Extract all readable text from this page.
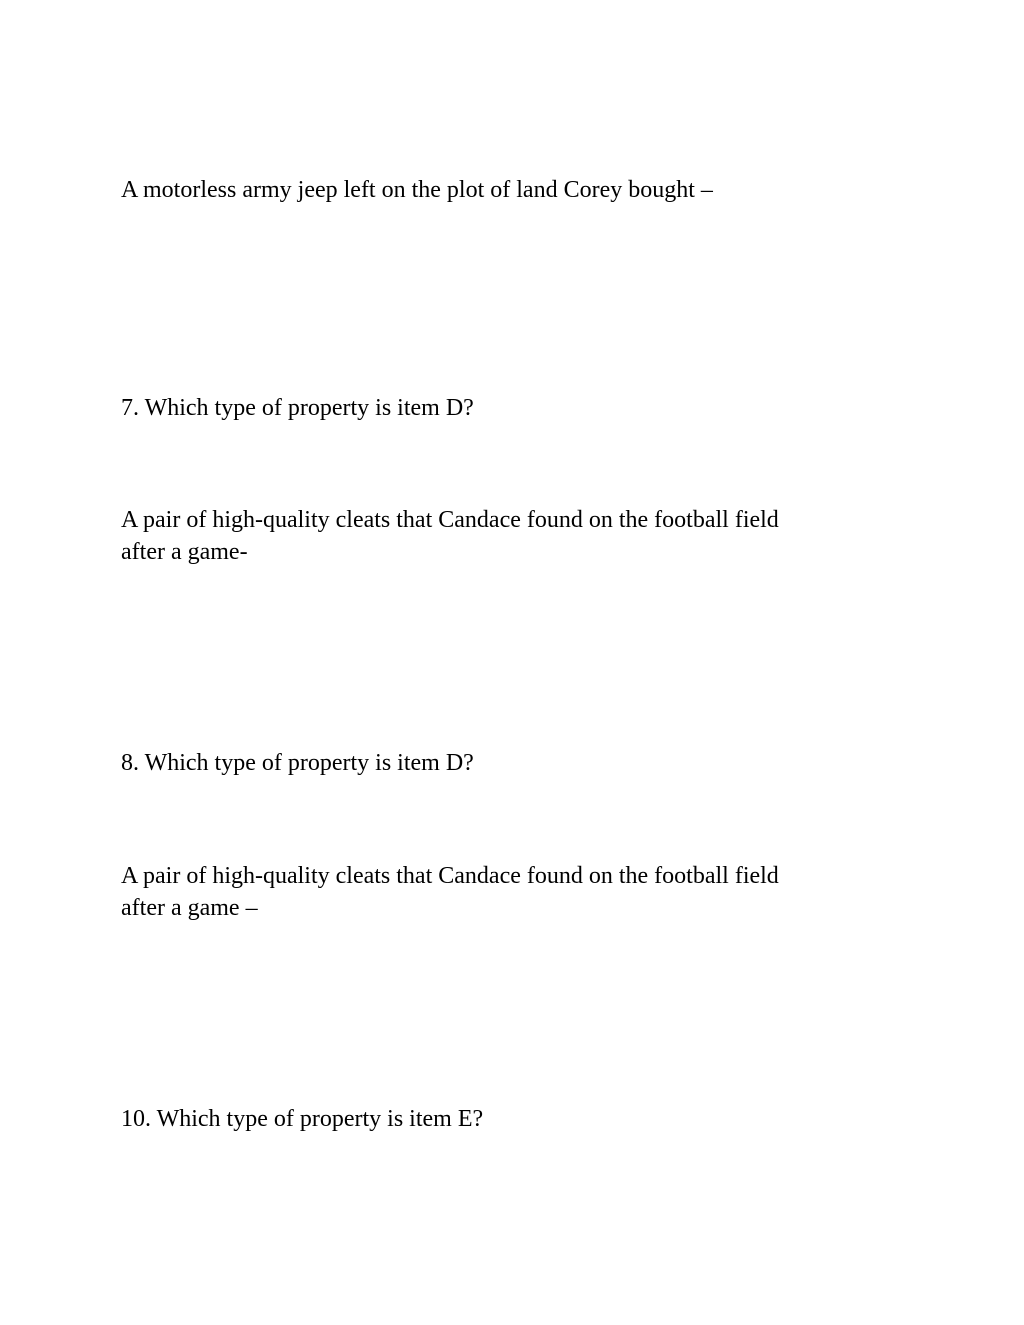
A motorless army jeep left on the plot of land Corey bought –

7. Which type of property is item D?

A pair of high-quality cleats that Candace found on the football field

after a game-

8. Which type of property is item D?

A pair of high-quality cleats that Candace found on the football field

after a game –

10. Which type of property is item E?
